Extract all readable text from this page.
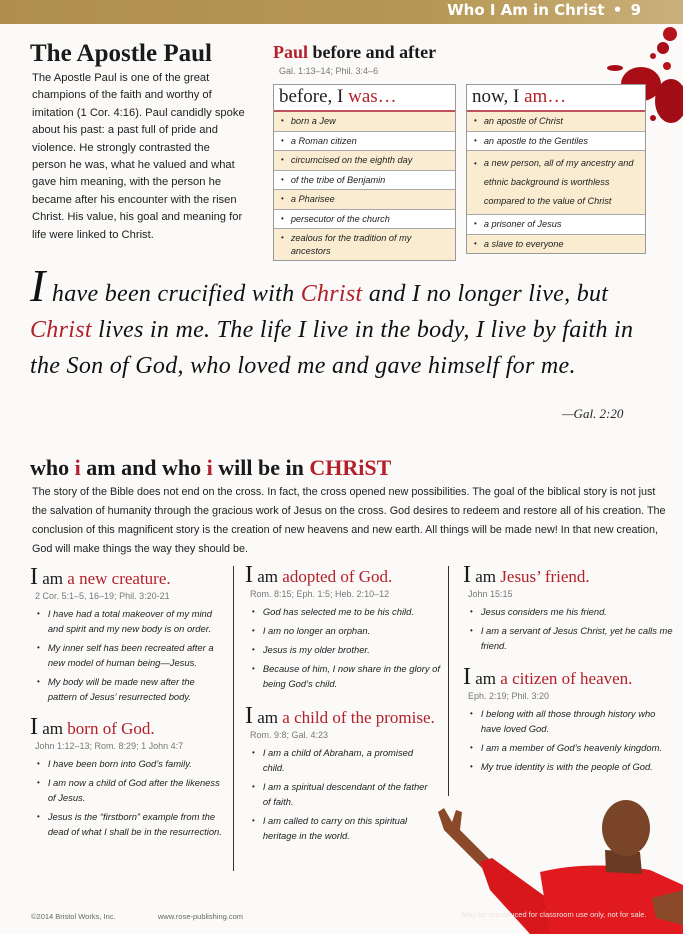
Who I Am in Christ • 9
The Apostle Paul

The Apostle Paul is one of the great champions of the faith and worthy of imitation (1 Cor. 4:16). Paul candidly spoke about his past: a past full of pride and violence. He strongly contrasted the person he was, what he valued and what gave him meaning, with the person he became after his encounter with the risen Christ. His value, his goal and meaning for life were linked to Christ.

Paul before and after
Gal. 1:13–14; Phil. 3:4–6
before, I was…
• born a Jew
• a Roman citizen
• circumcised on the eighth day
• of the tribe of Benjamin
• a Pharisee
• persecutor of the church
• zealous for the tradition of my ancestors
now, I am…
• an apostle of Christ
• an apostle to the Gentiles
• a new person, all of my ancestry and ethnic background is worthless compared to the value of Christ
• a prisoner of Jesus
• a slave to everyone
I have been crucified with Christ and I no longer live, but Christ lives in me. The life I live in the body, I live by faith in the Son of God, who loved me and gave himself for me.
—Gal. 2:20
who i am and who i will be in CHRiST

The story of the Bible does not end on the cross. In fact, the cross opened new possibilities. The goal of the biblical story is not just the salvation of humanity through the gracious work of Jesus on the cross. God desires to redeem and restore all of his creation. The conclusion of this magnificent story is the creation of new heavens and new earth. All things will be made new! In that new creation, God will make things the way they should be.

I am a new creature.
2 Cor. 5:1–5, 16–19; Phil. 3:20-21
• I have had a total makeover of my mind and spirit and my new body is on order.
• My inner self has been recreated after a new model of human being—Jesus.
• My body will be made new after the pattern of Jesus’ resurrected body.
I am born of God.
John 1:12–13; Rom. 8:29; 1 John 4:7
• I have been born into God’s family.
• I am now a child of God after the likeness of Jesus.
• Jesus is the “firstborn” example from the dead of what I shall be in the resurrection.
I am adopted of God.
Rom. 8:15; Eph. 1:5; Heb. 2:10–12
• God has selected me to be his child.
• I am no longer an orphan.
• Jesus is my older brother.
• Because of him, I now share in the glory of being God’s child.
I am a child of the promise.
Rom. 9:8; Gal. 4:23
• I am a child of Abraham, a promised child.
• I am a spiritual descendant of the father of faith.
• I am called to carry on this spiritual heritage in the world.
I am Jesus’ friend.
John 15:15
• Jesus considers me his friend.
• I am a servant of Jesus Christ, yet he calls me friend.
I am a citizen of heaven.
Eph. 2:19; Phil. 3:20
• I belong with all those through history who have loved God.
• I am a member of God’s heavenly kingdom.
• My true identity is with the people of God.
©2014 Bristol Works, Inc.	www.rose-publishing.com	May be reproduced for classroom use only, not for sale.
